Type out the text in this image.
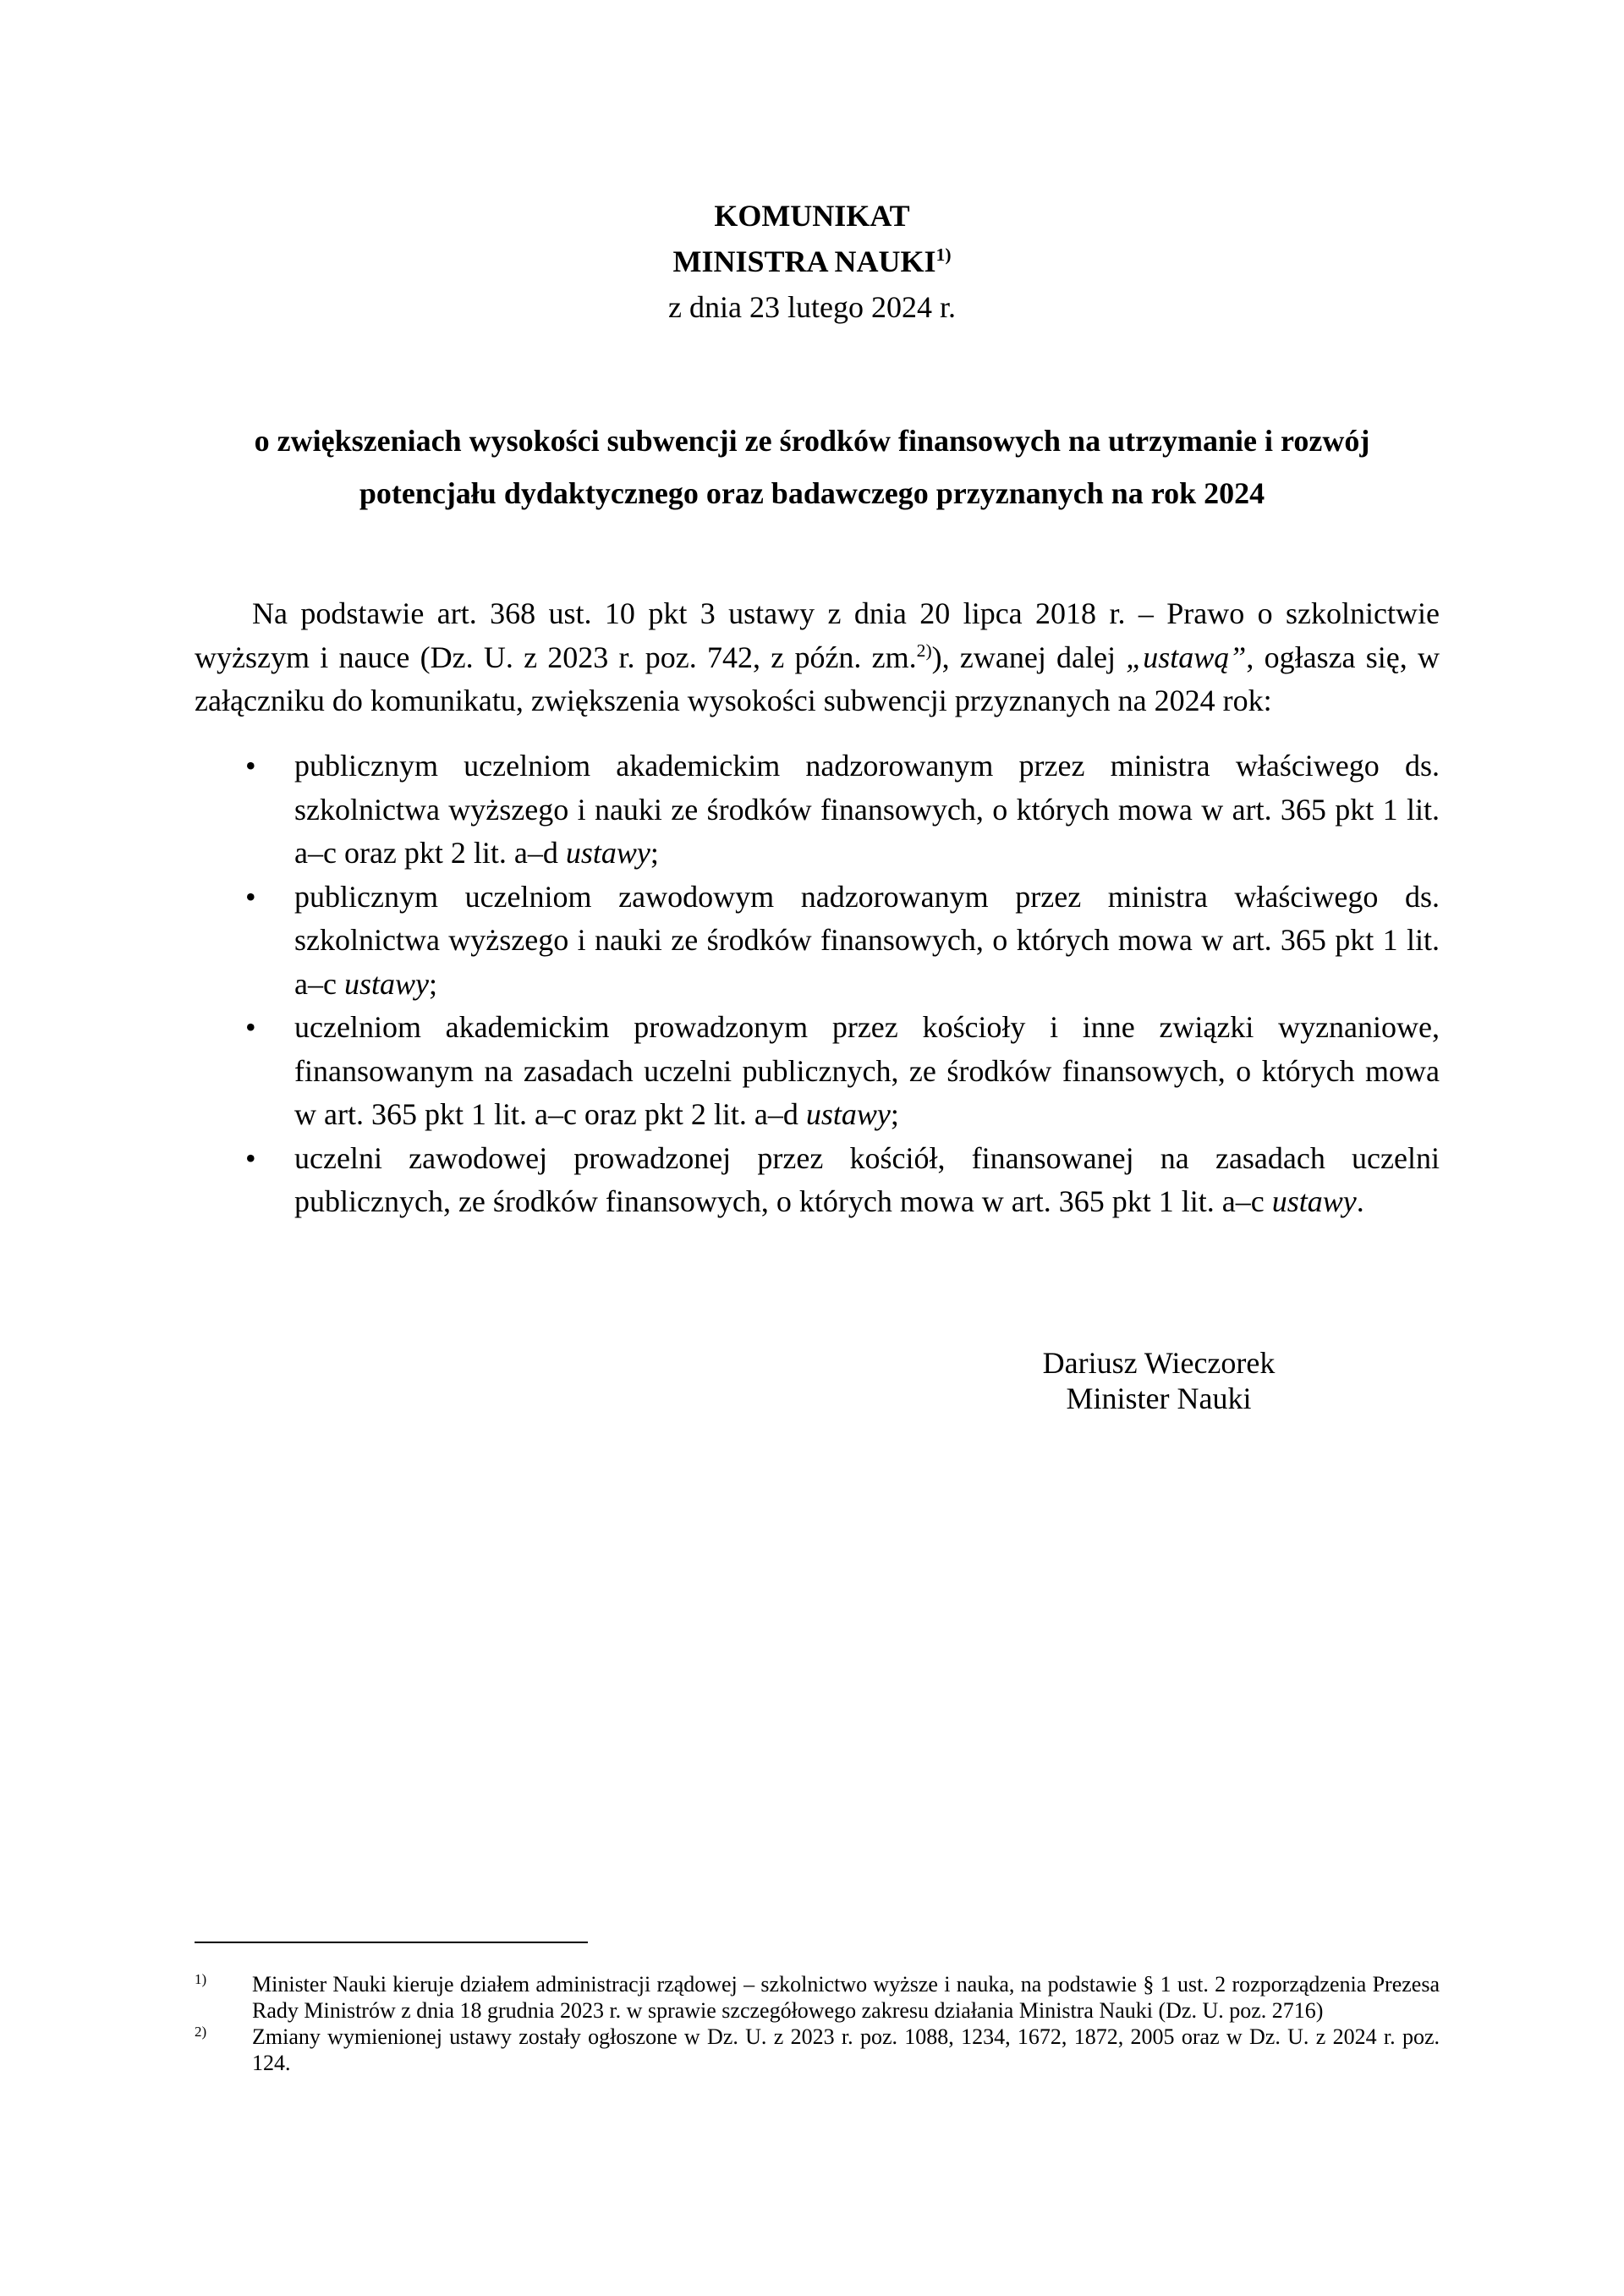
KOMUNIKAT

MINISTRA NAUKI$^{1)}$

z dnia 23 lutego 2024 r.

o zwiększeniach wysokości subwencji ze środków finansowych na utrzymanie i rozwój

potencjału dydaktycznego oraz badawczego przyznanych na rok 2024

Na podstawie art. 368 ust. 10 pkt 3 ustawy z dnia 20 lipca 2018 r. – Prawo o szkolnictwie wyższym i nauce (Dz. U. z 2023 r. poz. 742, z późn. zm.$^{2)}$), zwanej dalej „ustawą”, ogłasza się, w załączniku do komunikatu, zwiększenia wysokości subwencji przyznanych na 2024 rok:

• publicznym uczelniom akademickim nadzorowanym przez ministra właściwego ds. szkolnictwa wyższego i nauki ze środków finansowych, o których mowa w art. 365 pkt 1 lit. a–c oraz pkt 2 lit. a–d ustawy;
• publicznym uczelniom zawodowym nadzorowanym przez ministra właściwego ds. szkolnictwa wyższego i nauki ze środków finansowych, o których mowa w art. 365 pkt 1 lit. a–c ustawy;
• uczelniom akademickim prowadzonym przez kościoły i inne związki wyznaniowe, finansowanym na zasadach uczelni publicznych, ze środków finansowych, o których mowa w art. 365 pkt 1 lit. a–c oraz pkt 2 lit. a–d ustawy;
• uczelni zawodowej prowadzonej przez kościół, finansowanej na zasadach uczelni publicznych, ze środków finansowych, o których mowa w art. 365 pkt 1 lit. a–c ustawy.
Dariusz Wieczorek
Minister Nauki

1) Minister Nauki kieruje działem administracji rządowej – szkolnictwo wyższe i nauka, na podstawie § 1 ust. 2 rozporządzenia Prezesa Rady Ministrów z dnia 18 grudnia 2023 r. w sprawie szczegółowego zakresu działania Ministra Nauki (Dz. U. poz. 2716)

2) Zmiany wymienionej ustawy zostały ogłoszone w Dz. U. z 2023 r. poz. 1088, 1234, 1672, 1872, 2005 oraz w Dz. U. z 2024 r. poz. 124.
